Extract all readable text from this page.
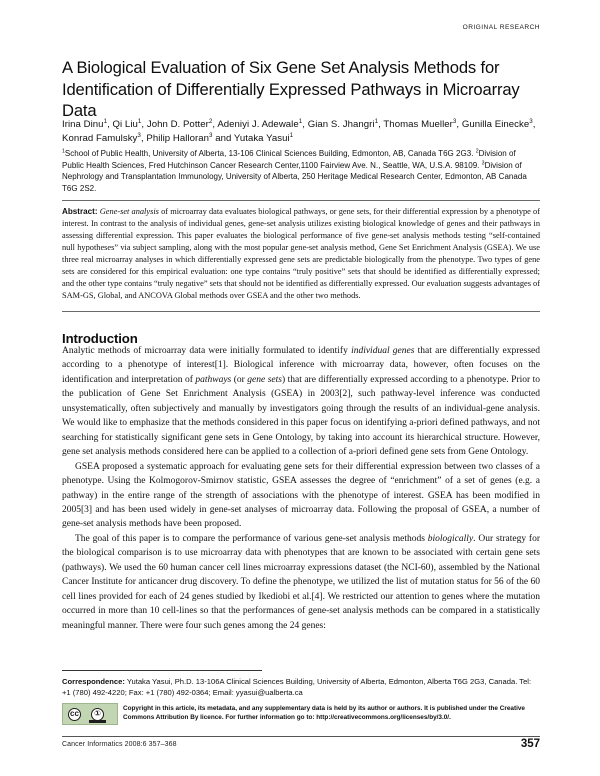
ORIGINAL RESEARCH
A Biological Evaluation of Six Gene Set Analysis Methods for Identification of Differentially Expressed Pathways in Microarray Data
Irina Dinu$^1$, Qi Liu$^1$, John D. Potter$^2$, Adeniyi J. Adewale$^1$, Gian S. Jhangri$^1$, Thomas Mueller$^3$, Gunilla Einecke$^3$, Konrad Famulsky$^3$, Philip Halloran$^3$ and Yutaka Yasui$^1$
$^1$School of Public Health, University of Alberta, 13-106 Clinical Sciences Building, Edmonton, AB, Canada T6G 2G3. $^2$Division of Public Health Sciences, Fred Hutchinson Cancer Research Center,1100 Fairview Ave. N., Seattle, WA, U.S.A. 98109. $^3$Division of Nephrology and Transplantation Immunology, University of Alberta, 250 Heritage Medical Research Center, Edmonton, AB Canada T6G 2S2.
Abstract: Gene-set analysis of microarray data evaluates biological pathways, or gene sets, for their differential expression by a phenotype of interest. In contrast to the analysis of individual genes, gene-set analysis utilizes existing biological knowledge of genes and their pathways in assessing differential expression. This paper evaluates the biological performance of five gene-set analysis methods testing “self-contained null hypotheses” via subject sampling, along with the most popular gene-set analysis method, Gene Set Enrichment Analysis (GSEA). We use three real microarray analyses in which differentially expressed gene sets are predictable biologically from the phenotype. Two types of gene sets are considered for this empirical evaluation: one type contains “truly positive” sets that should be identified as differentially expressed; and the other type contains “truly negative” sets that should not be identified as differentially expressed. Our evaluation suggests advantages of SAM-GS, Global, and ANCOVA Global methods over GSEA and the other two methods.
Introduction

Analytic methods of microarray data were initially formulated to identify individual genes that are differentially expressed according to a phenotype of interest[1]. Biological inference with microarray data, however, often focuses on the identification and interpretation of pathways (or gene sets) that are differentially expressed according to a phenotype. Prior to the publication of Gene Set Enrichment Analysis (GSEA) in 2003[2], such pathway-level inference was conducted unsystematically, often subjectively and manually by investigators going through the results of an individual-gene analysis. We would like to emphasize that the methods considered in this paper focus on identifying a-priori defined pathways, and not searching for statistically significant gene sets in Gene Ontology, by taking into account its hierarchical structure. However, gene set analysis methods considered here can be applied to a collection of a-priori defined gene sets from Gene Ontology.

GSEA proposed a systematic approach for evaluating gene sets for their differential expression between two classes of a phenotype. Using the Kolmogorov-Smirnov statistic, GSEA assesses the degree of “enrichment” of a set of genes (e.g. a pathway) in the entire range of the strength of associations with the phenotype of interest. GSEA has been modified in 2005[3] and has been used widely in gene-set analyses of microarray data. Following the proposal of GSEA, a number of gene-set analysis methods have been proposed.

The goal of this paper is to compare the performance of various gene-set analysis methods biologically. Our strategy for the biological comparison is to use microarray data with phenotypes that are known to be associated with certain gene sets (pathways). We used the 60 human cancer cell lines microarray expressions dataset (the NCI-60), assembled by the National Cancer Institute for anticancer drug discovery. To define the phenotype, we utilized the list of mutation status for 56 of the 60 cell lines provided for each of 24 genes studied by Ikediobi et al.[4]. We restricted our attention to genes where the mutation occurred in more than 10 cell-lines so that the performances of gene-set analysis methods can be compared in a statistically meaningful manner. There were four such genes among the 24 genes:

Correspondence: Yutaka Yasui, Ph.D. 13-106A Clinical Sciences Building, University of Alberta, Edmonton, Alberta T6G 2G3, Canada. Tel: +1 (780) 492-4220; Fax: +1 (780) 492-0364; Email: yyasui@ualberta.ca
cc	①
Copyright in this article, its metadata, and any supplementary data is held by its author or authors. It is published under the Creative Commons Attribution By licence. For further information go to: http://creativecommons.org/licenses/by/3.0/.
Cancer Informatics 2008:6 357–368	357
